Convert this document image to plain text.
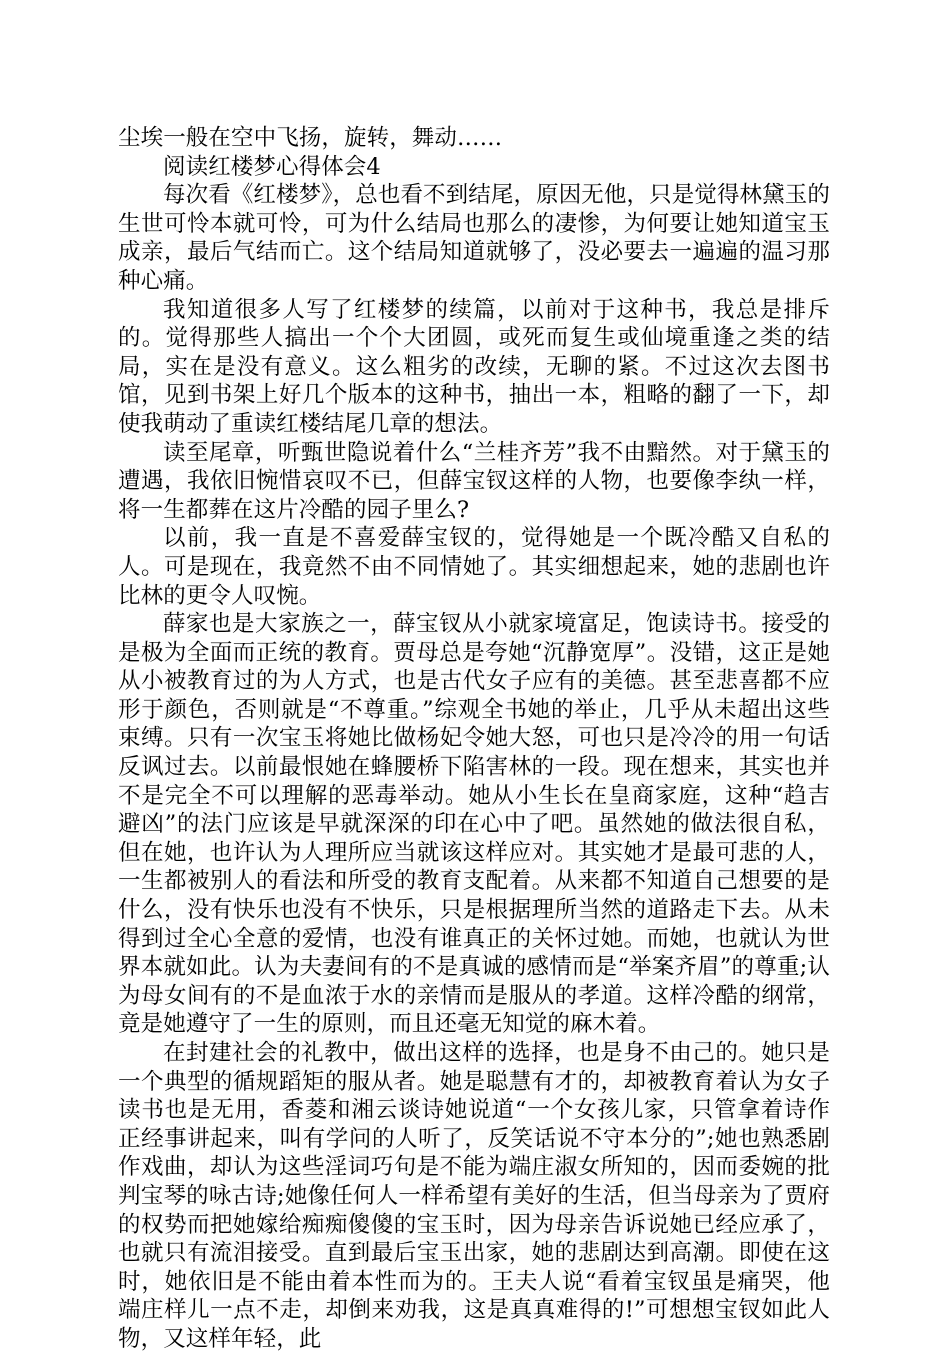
尘埃一般在空中飞扬，旋转，舞动……

阅读红楼梦心得体会4

每次看《红楼梦》，总也看不到结尾，原因无他，只是觉得林黛玉的生世可怜本就可怜，可为什么结局也那么的凄惨，为何要让她知道宝玉成亲，最后气结而亡。这个结局知道就够了，没必要去一遍遍的温习那种心痛。

我知道很多人写了红楼梦的续篇，以前对于这种书，我总是排斥的。觉得那些人搞出一个个大团圆，或死而复生或仙境重逢之类的结局，实在是没有意义。这么粗劣的改续，无聊的紧。不过这次去图书馆，见到书架上好几个版本的这种书，抽出一本，粗略的翻了一下，却使我萌动了重读红楼结尾几章的想法。

读至尾章，听甄世隐说着什么“兰桂齐芳”我不由黯然。对于黛玉的遭遇，我依旧惋惜哀叹不已，但薛宝钗这样的人物，也要像李纨一样，将一生都葬在这片冷酷的园子里么?

以前，我一直是不喜爱薛宝钗的，觉得她是一个既冷酷又自私的人。可是现在，我竟然不由不同情她了。其实细想起来，她的悲剧也许比林的更令人叹惋。

薛家也是大家族之一，薛宝钗从小就家境富足，饱读诗书。接受的是极为全面而正统的教育。贾母总是夸她“沉静宽厚”。没错，这正是她从小被教育过的为人方式，也是古代女子应有的美德。甚至悲喜都不应形于颜色，否则就是“不尊重。”综观全书她的举止，几乎从未超出这些束缚。只有一次宝玉将她比做杨妃令她大怒，可也只是冷冷的用一句话反讽过去。以前最恨她在蜂腰桥下陷害林的一段。现在想来，其实也并不是完全不可以理解的恶毒举动。她从小生长在皇商家庭，这种“趋吉避凶”的法门应该是早就深深的印在心中了吧。虽然她的做法很自私，但在她，也许认为人理所应当就该这样应对。其实她才是最可悲的人，一生都被别人的看法和所受的教育支配着。从来都不知道自己想要的是什么，没有快乐也没有不快乐，只是根据理所当然的道路走下去。从未得到过全心全意的爱情，也没有谁真正的关怀过她。而她，也就认为世界本就如此。认为夫妻间有的不是真诚的感情而是“举案齐眉”的尊重;认为母女间有的不是血浓于水的亲情而是服从的孝道。这样冷酷的纲常，竟是她遵守了一生的原则，而且还毫无知觉的麻木着。

在封建社会的礼教中，做出这样的选择，也是身不由己的。她只是一个典型的循规蹈矩的服从者。她是聪慧有才的，却被教育着认为女子读书也是无用，香菱和湘云谈诗她说道“一个女孩儿家，只管拿着诗作正经事讲起来，叫有学问的人听了，反笑话说不守本分的”;她也熟悉剧作戏曲，却认为这些淫词巧句是不能为端庄淑女所知的，因而委婉的批判宝琴的咏古诗;她像任何人一样希望有美好的生活，但当母亲为了贾府的权势而把她嫁给痴痴傻傻的宝玉时，因为母亲告诉说她已经应承了，也就只有流泪接受。直到最后宝玉出家，她的悲剧达到高潮。即使在这时，她依旧是不能由着本性而为的。王夫人说“看着宝钗虽是痛哭，他端庄样儿一点不走，却倒来劝我，这是真真难得的!”可想想宝钗如此人物，又这样年轻，此
